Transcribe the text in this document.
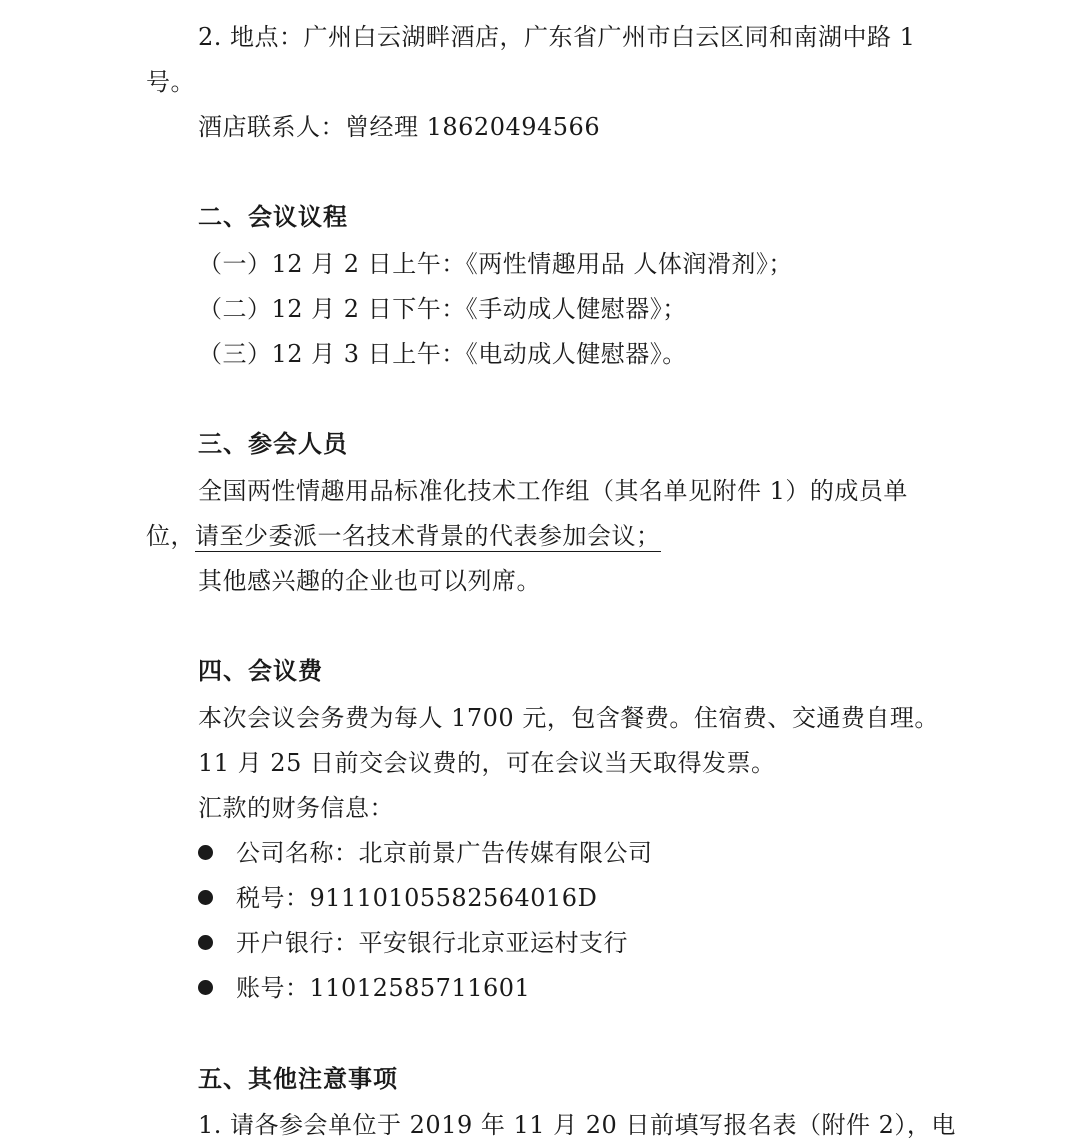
2. 地点：广州白云湖畔酒店，广东省广州市白云区同和南湖中路 1
号。
酒店联系人：曾经理 18620494566
二、会议议程
（一）12 月 2 日上午：《两性情趣用品 人体润滑剂》；
（二）12 月 2 日下午：《手动成人健慰器》；
（三）12 月 3 日上午：《电动成人健慰器》。
三、参会人员
全国两性情趣用品标准化技术工作组（其名单见附件 1）的成员单
位，请至少委派一名技术背景的代表参加会议；
其他感兴趣的企业也可以列席。
四、会议费
本次会议会务费为每人 1700 元，包含餐费。住宿费、交通费自理。
11 月 25 日前交会议费的，可在会议当天取得发票。
汇款的财务信息：
公司名称：北京前景广告传媒有限公司
税号：91110105582564016D
开户银行：平安银行北京亚运村支行
账号：11012585711601
五、其他注意事项
1. 请各参会单位于 2019 年 11 月 20 日前填写报名表（附件 2），电
